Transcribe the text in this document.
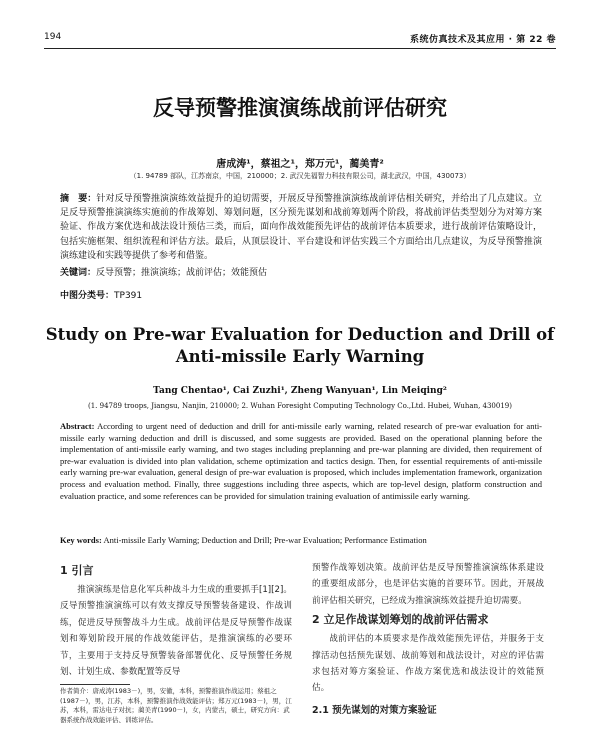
194	系统仿真技术及其应用 · 第 22 卷
反导预警推演演练战前评估研究
唐成涛¹，蔡祖之¹，郑万元¹，蔺美青²
（1. 94789 部队，江苏南京，中国，210000；2. 武汉先福智力科技有限公司，湖北武汉，中国，430073）
摘　要：针对反导预警推演演练效益提升的迫切需要，开展反导预警推演演练战前评估相关研究，并给出了几点建议。立足反导预警推演演练实施前的作战筹划、筹划问题，区分预先谋划和战前筹划两个阶段，将战前评估类型划分为对筹方案验证、作战方案优选和战法设计预估三类，而后，面向作战效能预先评估的战前评估本质要求，进行战前评估策略设计，包括实施框架、组织流程和评估方法。最后，从顶层设计、平台建设和评估实践三个方面给出几点建议，为反导预警推演演练建设和实践等提供了参考和借鉴。
关键词：反导预警；推演演练；战前评估；效能预估
中图分类号：TP391
Study on Pre-war Evaluation for Deduction and Drill of Anti-missile Early Warning
Tang Chentao¹, Cai Zuzhi¹, Zheng Wanyuan¹, Lin Meiqing²
(1. 94789 troops, Jiangsu, Nanjin, 210000; 2. Wuhan Foresight Computing Technology Co.,Ltd. Hubei, Wuhan, 430019)
Abstract: According to urgent need of deduction and drill for anti-missile early warning, related research of pre-war evaluation for anti-missile early warning deduction and drill is discussed, and some suggests are provided. Based on the operational planning before the implementation of anti-missile early warning, and two stages including preplanning and pre-war planning are divided, then requirement of pre-war evaluation is divided into plan validation, scheme optimization and tactics design. Then, for essential requirements of anti-missile early warning pre-war evaluation, general design of pre-war evaluation is proposed, which includes implementation framework, organization process and evaluation method. Finally, three suggestions including three aspects, which are top-level design, platform construction and evaluation practice, and some references can be provided for simulation training evaluation of antimissile early warning.
Key words: Anti-missile Early Warning; Deduction and Drill; Pre-war Evaluation; Performance Estimation

1 引言

推演演练是信息化军兵种战斗力生成的重要抓手[1][2]。反导预警推演演练可以有效支撑反导预警装备建设、作战训练，促进反导预警战斗力生成。战前评估是反导预警作战谋划和筹划阶段开展的作战效能评估，是推演演练的必要环节，主要用于支持反导预警装备部署优化、反导预警任务规划、计划生成、参数配置等反导

作者简介：唐成涛(1983－)，男，安徽，本科，预警推演作战运用；蔡祖之(1987－)，男，江苏，本科，预警推演作战效能评估；郑万元(1983－)，男，江苏，本科，雷达电子对抗；蔺美青(1990－)，女，内蒙古，硕士，研究方向：武器系统作战效能评估、训练评估。

预警作战筹划决策。战前评估是反导预警推演演练体系建设的重要组成部分，也是评估实施的首要环节。因此，开展战前评估相关研究，已经成为推演演练效益提升迫切需要。

2 立足作战谋划筹划的战前评估需求

战前评估的本质要求是作战效能预先评估，并服务于支撑活动包括预先谋划、战前筹划和战法设计，对应的评估需求包括对筹方案验证、作战方案优选和战法设计的效能预估。

2.1 预先谋划的对策方案验证
